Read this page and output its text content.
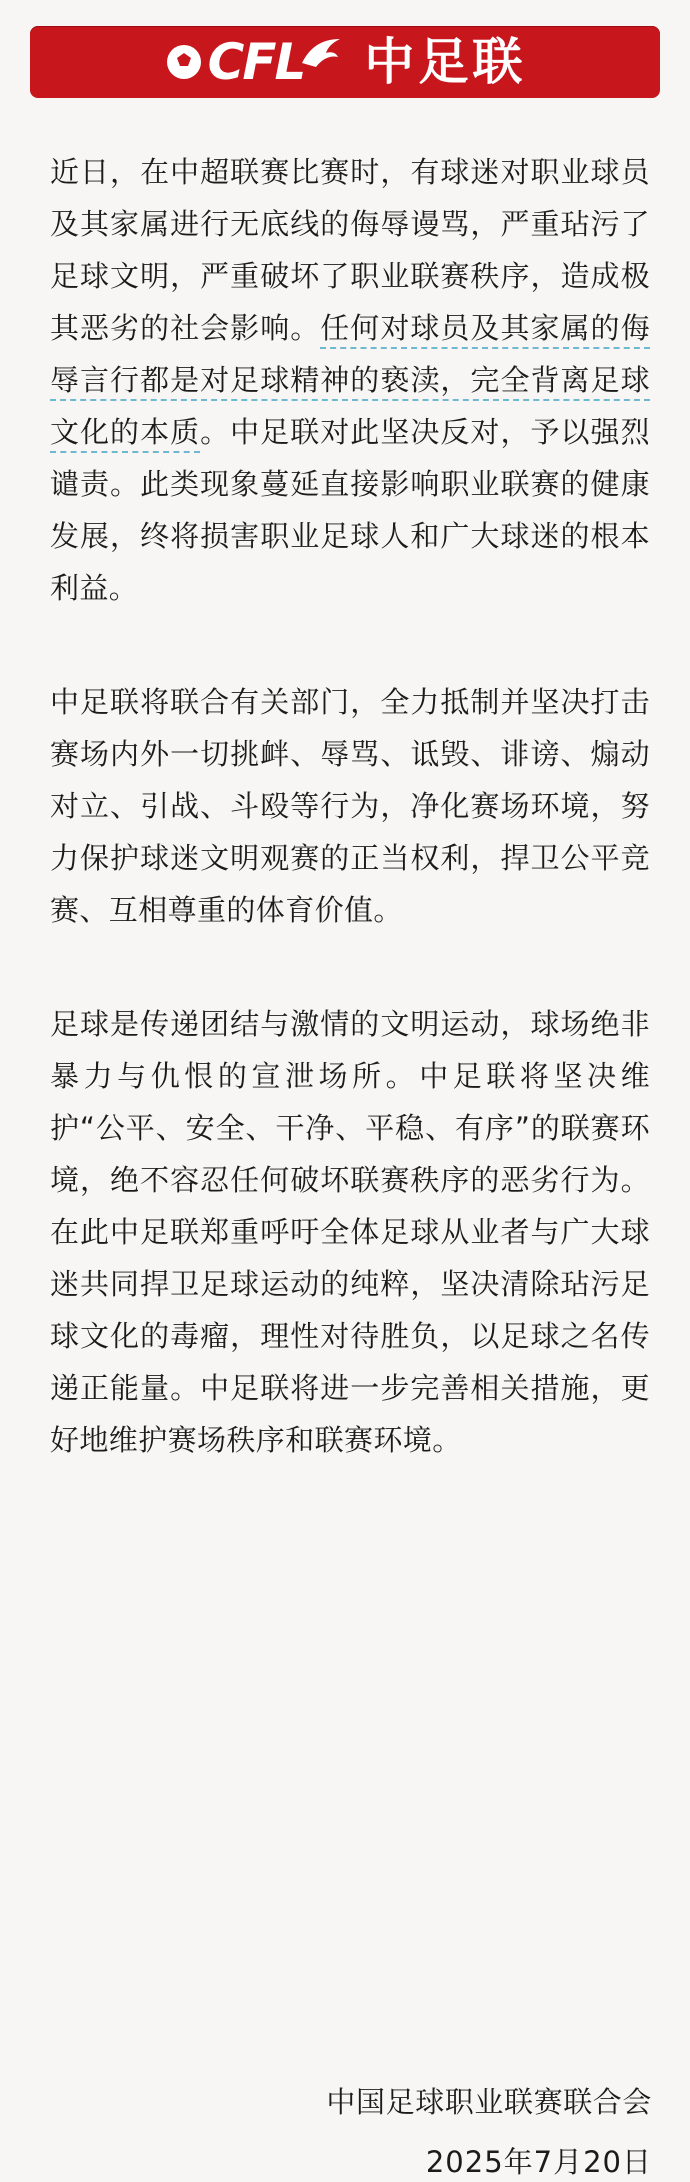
CFL 中足联

近日，在中超联赛比赛时，有球迷对职业球员及其家属进行无底线的侮辱谩骂，严重玷污了足球文明，严重破坏了职业联赛秩序，造成极其恶劣的社会影响。任何对球员及其家属的侮辱言行都是对足球精神的亵渎，完全背离足球文化的本质。中足联对此坚决反对，予以强烈谴责。此类现象蔓延直接影响职业联赛的健康发展，终将损害职业足球人和广大球迷的根本利益。

中足联将联合有关部门，全力抵制并坚决打击赛场内外一切挑衅、辱骂、诋毁、诽谤、煽动对立、引战、斗殴等行为，净化赛场环境，努力保护球迷文明观赛的正当权利，捍卫公平竞赛、互相尊重的体育价值。

足球是传递团结与激情的文明运动，球场绝非暴力与仇恨的宣泄场所。中足联将坚决维护“公平、安全、干净、平稳、有序”的联赛环境，绝不容忍任何破坏联赛秩序的恶劣行为。在此中足联郑重呼吁全体足球从业者与广大球迷共同捍卫足球运动的纯粹，坚决清除玷污足球文化的毒瘤，理性对待胜负，以足球之名传递正能量。中足联将进一步完善相关措施，更好地维护赛场秩序和联赛环境。

中国足球职业联赛联合会
2025年7月20日
